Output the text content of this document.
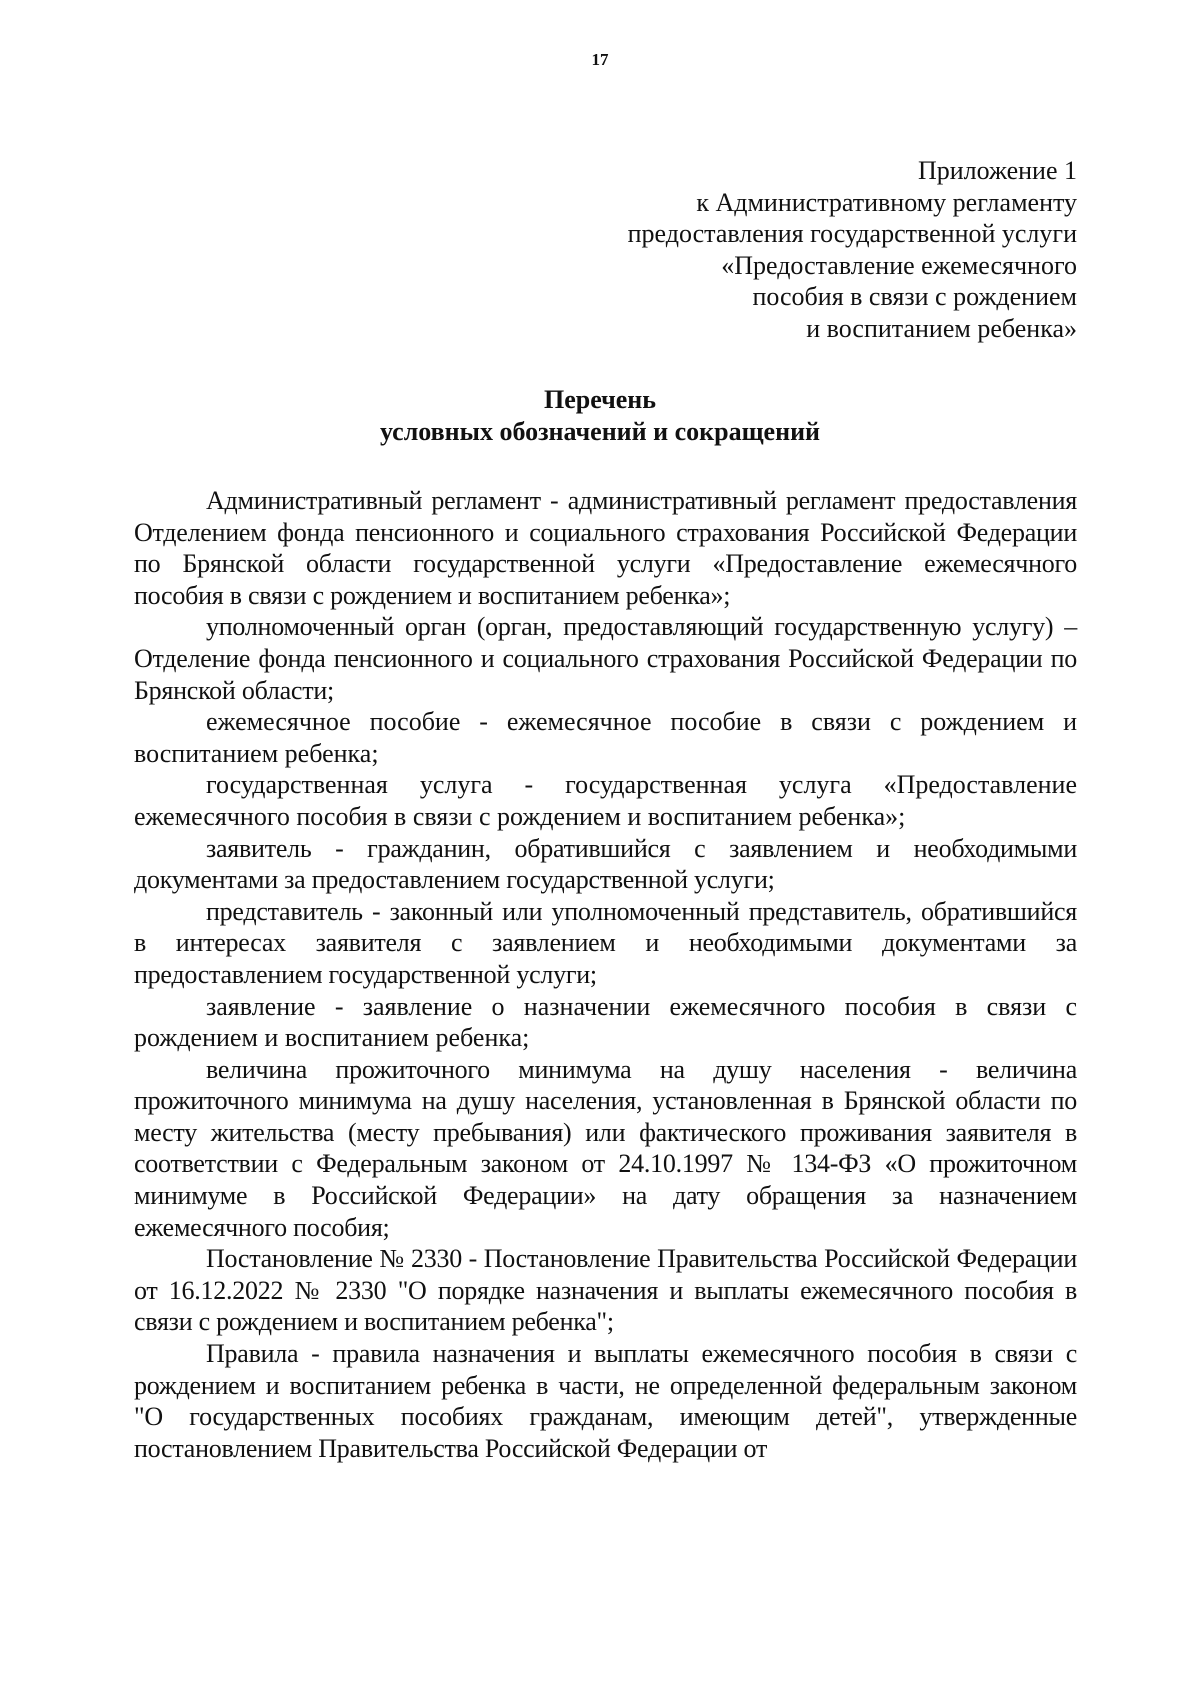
17
Приложение 1
к Административному регламенту
предоставления государственной услуги
«Предоставление ежемесячного
пособия в связи с рождением
и воспитанием ребенка»
Перечень
условных обозначений и сокращений

Административный регламент - административный регламент предоставления Отделением фонда пенсионного и социального страхования Российской Федерации по Брянской области государственной услуги «Предоставление ежемесячного пособия в связи с рождением и воспитанием ребенка»;

уполномоченный орган (орган, предоставляющий государственную услугу) – Отделение фонда пенсионного и социального страхования Российской Федерации по Брянской области;

ежемесячное пособие - ежемесячное пособие в связи с рождением и воспитанием ребенка;

государственная услуга - государственная услуга «Предоставление ежемесячного пособия в связи с рождением и воспитанием ребенка»;

заявитель - гражданин, обратившийся с заявлением и необходимыми документами за предоставлением государственной услуги;

представитель - законный или уполномоченный представитель, обратившийся в интересах заявителя с заявлением и необходимыми документами за предоставлением государственной услуги;

заявление - заявление о назначении ежемесячного пособия в связи с рождением и воспитанием ребенка;

величина прожиточного минимума на душу населения - величина прожиточного минимума на душу населения, установленная в Брянской области по месту жительства (месту пребывания) или фактического проживания заявителя в соответствии с Федеральным законом от 24.10.1997 № 134-ФЗ «О прожиточном минимуме в Российской Федерации» на дату обращения за назначением ежемесячного пособия;

Постановление № 2330 - Постановление Правительства Российской Федерации от 16.12.2022 № 2330 "О порядке назначения и выплаты ежемесячного пособия в связи с рождением и воспитанием ребенка";

Правила - правила назначения и выплаты ежемесячного пособия в связи с рождением и воспитанием ребенка в части, не определенной федеральным законом "О государственных пособиях гражданам, имеющим детей", утвержденные постановлением Правительства Российской Федерации от
